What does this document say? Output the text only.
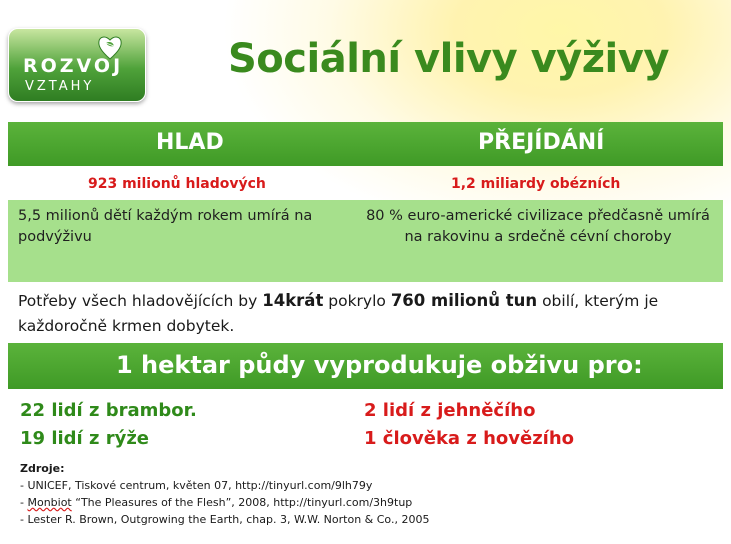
ROZVOJ
VZTAHY
Sociální vlivy výživy
HLAD	PŘEJÍDÁNÍ
923 milionů hladových	1,2 miliardy obézních
5,5 milionů dětí každým rokem umírá na podvýživu
80 % euro-americké civilizace předčasně umírá na rakovinu a srdečně cévní choroby
Potřeby všech hladovějících by 14krát pokrylo 760 milionů tun obilí, kterým je každoročně krmen dobytek.
1 hektar půdy vyprodukuje obživu pro:
22 lidí z brambor.
19 lidí z rýže
2 lidí z jehněčího
1 člověka z hovězího
Zdroje:
- UNICEF, Tiskové centrum, květen 07, http://tinyurl.com/9lh79y
- Monbiot “The Pleasures of the Flesh”, 2008, http://tinyurl.com/3h9tup
- Lester R. Brown, Outgrowing the Earth, chap. 3, W.W. Norton & Co., 2005
